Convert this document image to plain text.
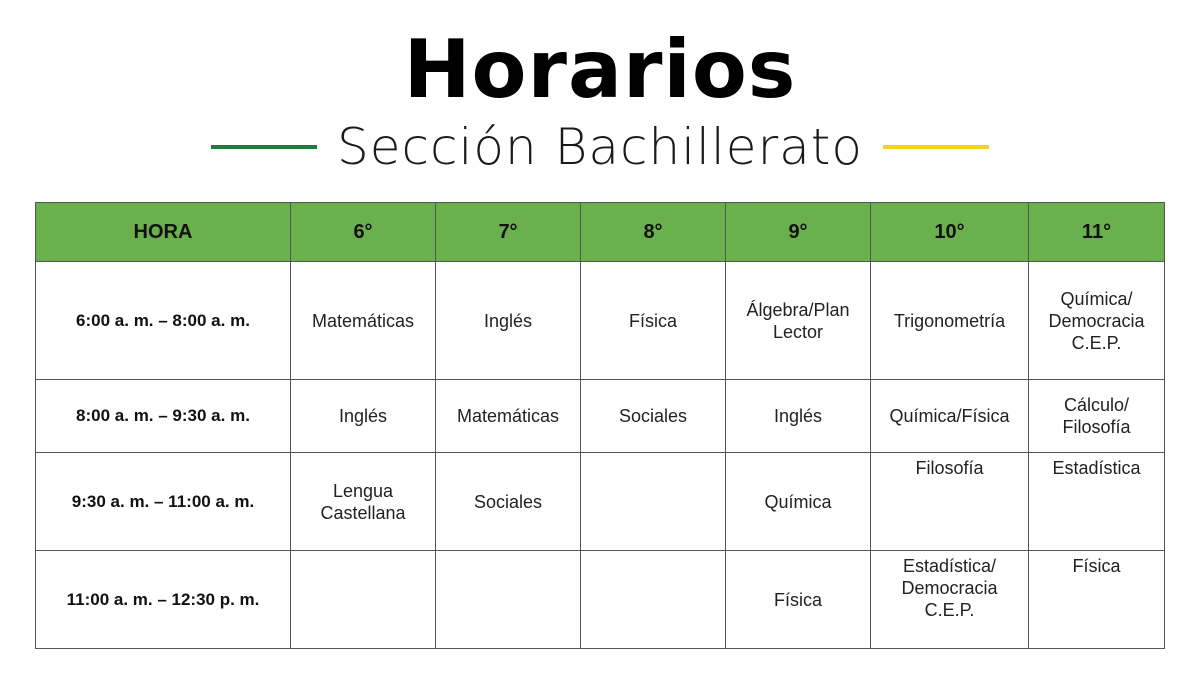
Horarios
Sección Bachillerato
HORA	6°	7°	8°	9°	10°	11°
6:00 a. m. – 8:00 a. m.	Matemáticas	Inglés	Física	Álgebra/Plan Lector	Trigonometría	Química/ Democracia C.E.P.
8:00 a. m. – 9:30 a. m.	Inglés	Matemáticas	Sociales	Inglés	Química/Física	Cálculo/ Filosofía
9:30 a. m. – 11:00 a. m.	Lengua Castellana	Sociales		Química	Filosofía	Estadística
11:00 a. m. – 12:30 p. m.				Física	Estadística/ Democracia C.E.P.	Física
